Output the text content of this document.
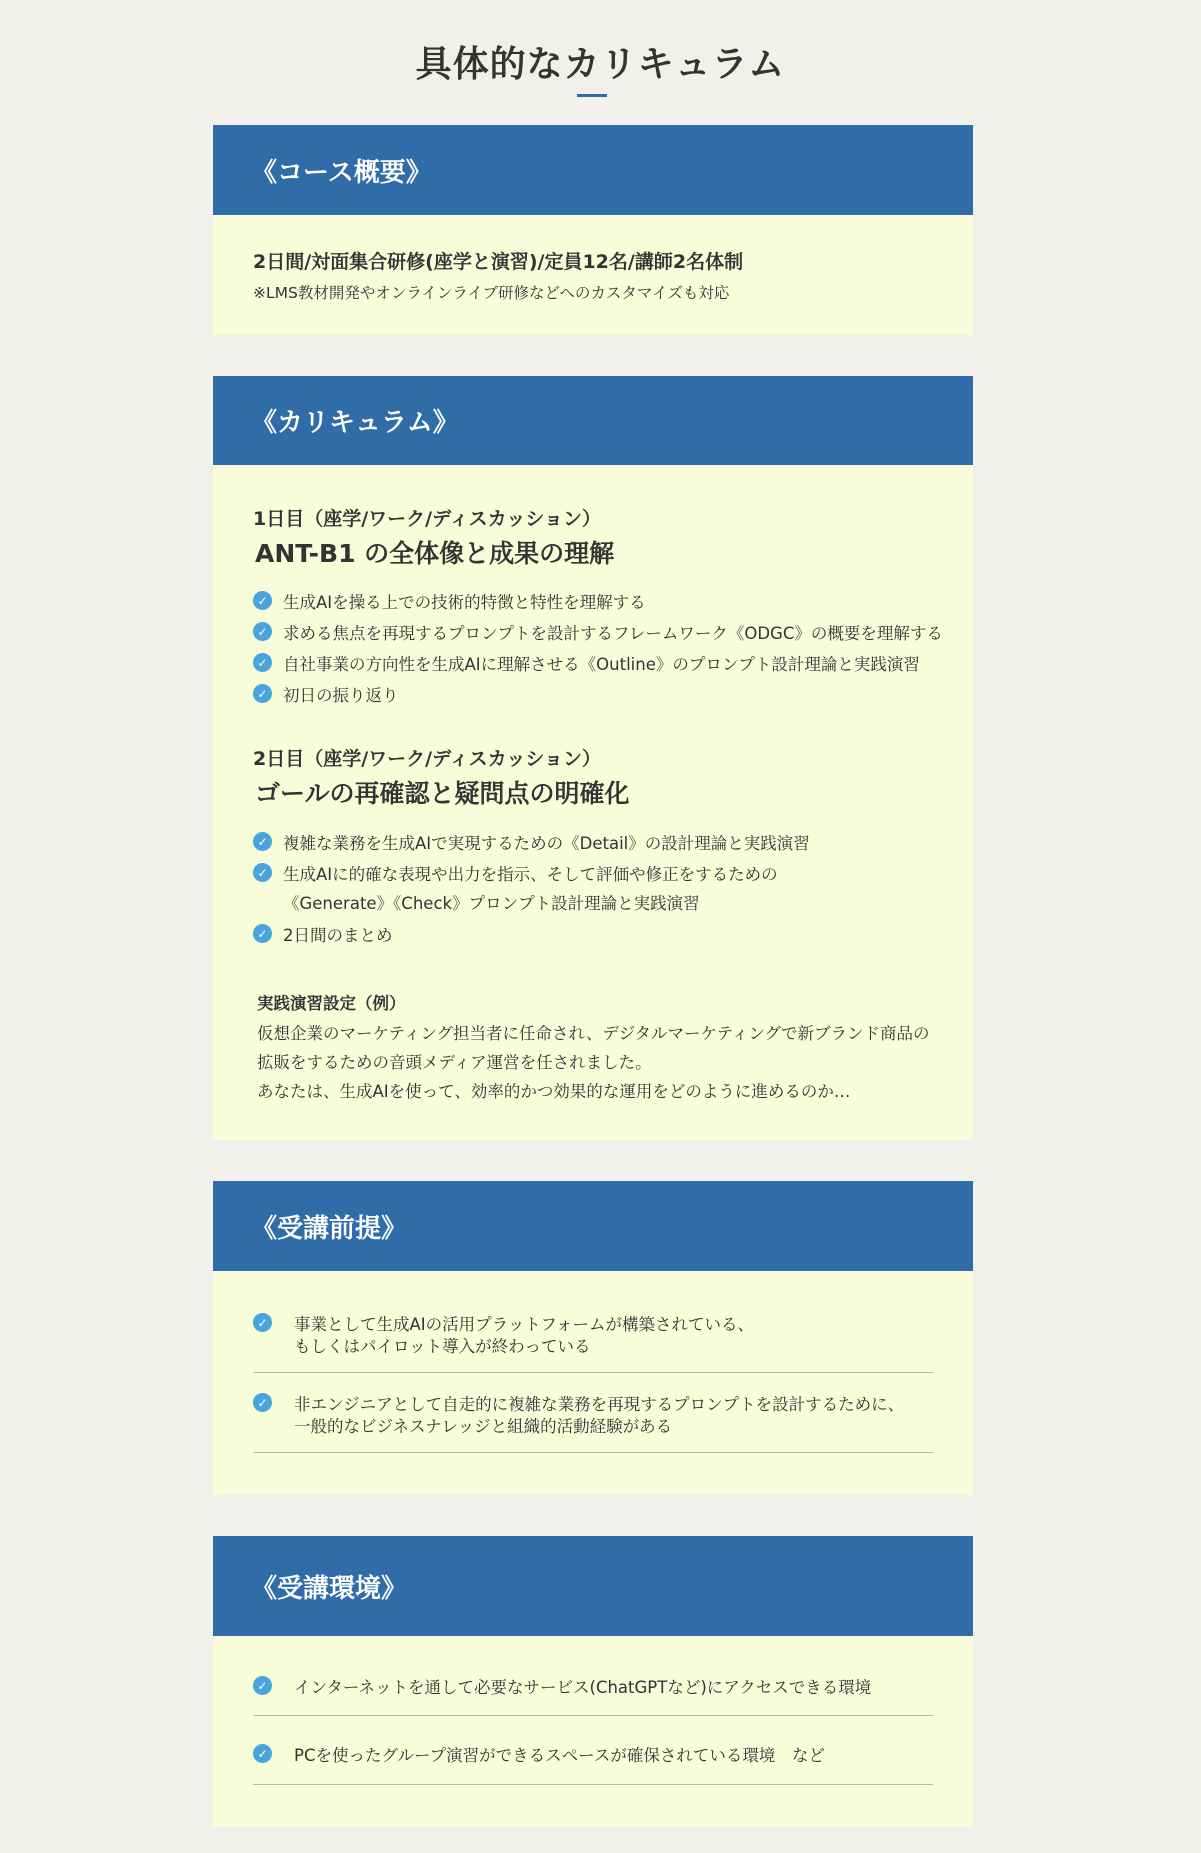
具体的なカリキュラム
《コース概要》
2日間/対面集合研修(座学と演習)/定員12名/講師2名体制
※LMS教材開発やオンラインライブ研修などへのカスタマイズも対応
《カリキュラム》
1日目（座学/ワーク/ディスカッション）
ANT-B1 の全体像と成果の理解
✓ 生成AIを操る上での技術的特徴と特性を理解する
✓ 求める焦点を再現するプロンプトを設計するフレームワーク《ODGC》の概要を理解する
✓ 自社事業の方向性を生成AIに理解させる《Outline》のプロンプト設計理論と実践演習
✓ 初日の振り返り
2日目（座学/ワーク/ディスカッション）
ゴールの再確認と疑問点の明確化
✓ 複雑な業務を生成AIで実現するための《Detail》の設計理論と実践演習
✓ 生成AIに的確な表現や出力を指示、そして評価や修正をするための
《Generate》《Check》プロンプト設計理論と実践演習
✓ 2日間のまとめ
実践演習設定（例）
仮想企業のマーケティング担当者に任命され、デジタルマーケティングで新ブランド商品の
拡販をするための音頭メディア運営を任されました。
あなたは、生成AIを使って、効率的かつ効果的な運用をどのように進めるのか…
《受講前提》
✓ 事業として生成AIの活用プラットフォームが構築されている、
もしくはパイロット導入が終わっている
✓ 非エンジニアとして自走的に複雑な業務を再現するプロンプトを設計するために、
一般的なビジネスナレッジと組織的活動経験がある
《受講環境》
✓ インターネットを通して必要なサービス(ChatGPTなど)にアクセスできる環境
✓ PCを使ったグループ演習ができるスペースが確保されている環境　など
